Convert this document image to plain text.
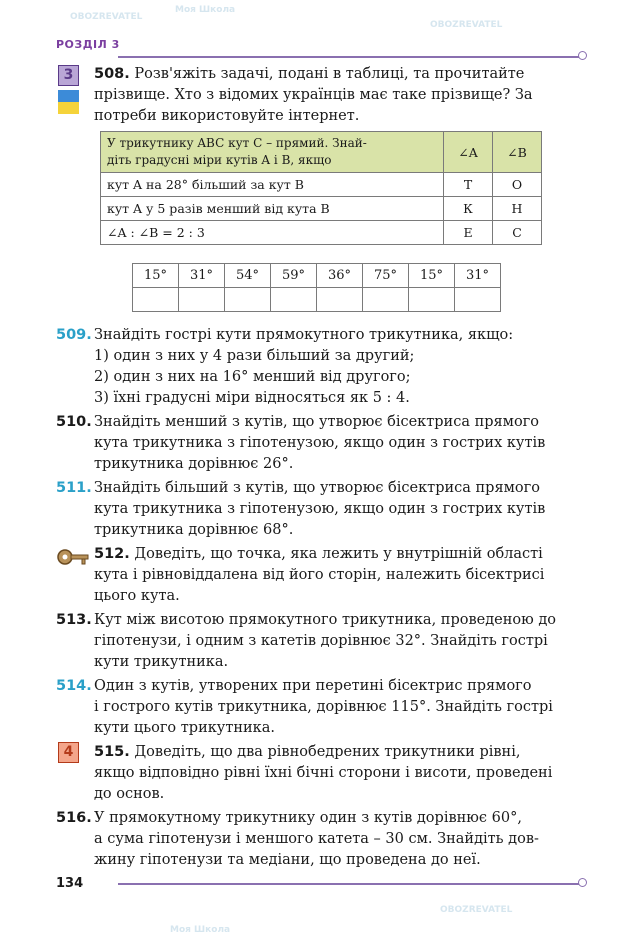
OBOZREVATEL
Моя Школа
OBOZREVATEL
OBOZREVATEL
Моя Школа
РОЗДІЛ 3
3	508. Розв'яжіть задачі, подані в таблиці, та прочитайте
прізвище. Хто з відомих українців має таке прізвище? За
потреби використовуйте інтернет.
У трикутнику ABC кут C – прямий. Знай-
діть градусні міри кутів A і B, якщо	∠A	∠B
кут A на 28° більший за кут B	Т	О
кут A у 5 разів менший від кута B	К	Н
∠A : ∠B = 2 : 3	Е	С
15°	31°	54°	59°	36°	75°	15°	31°

509. Знайдіть гострі кути прямокутного трикутника, якщо:
1) один з них у 4 рази більший за другий;
2) один з них на 16° менший від другого;
3) їхні градусні міри відносяться як 5 : 4.
510. Знайдіть менший з кутів, що утворює бісектриса прямого
кута трикутника з гіпотенузою, якщо один з гострих кутів
трикутника дорівнює 26°.
511. Знайдіть більший з кутів, що утворює бісектриса прямого
кута трикутника з гіпотенузою, якщо один з гострих кутів
трикутника дорівнює 68°.
512. Доведіть, що точка, яка лежить у внутрішній області
кута і рівновіддалена від його сторін, належить бісектрисі
цього кута.
513. Кут між висотою прямокутного трикутника, проведеною до
гіпотенузи, і одним з катетів дорівнює 32°. Знайдіть гострі
кути трикутника.
514. Один з кутів, утворених при перетині бісектрис прямого
і гострого кутів трикутника, дорівнює 115°. Знайдіть гострі
кути цього трикутника.
4	515. Доведіть, що два рівнобедрених трикутники рівні,
якщо відповідно рівні їхні бічні сторони і висоти, проведені
до основ.
516. У прямокутному трикутнику один з кутів дорівнює 60°,
а сума гіпотенузи і меншого катета – 30 см. Знайдіть дов-
жину гіпотенузи та медіани, що проведена до неї.
134
